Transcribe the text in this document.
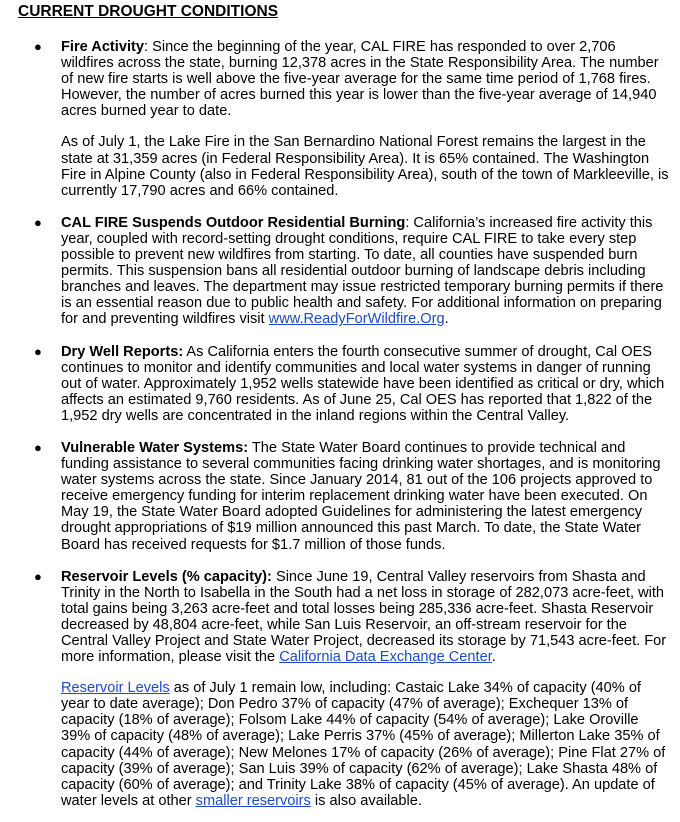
CURRENT DROUGHT CONDITIONS
● Fire Activity: Since the beginning of the year, CAL FIRE has responded to over 2,706 wildfires across the state, burning 12,378 acres in the State Responsibility Area. The number of new fire starts is well above the five-year average for the same time period of 1,768 fires. However, the number of acres burned this year is lower than the five-year average of 14,940 acres burned year to date.

As of July 1, the Lake Fire in the San Bernardino National Forest remains the largest in the state at 31,359 acres (in Federal Responsibility Area). It is 65% contained. The Washington Fire in Alpine County (also in Federal Responsibility Area), south of the town of Markleeville, is currently 17,790 acres and 66% contained.

● CAL FIRE Suspends Outdoor Residential Burning: California’s increased fire activity this year, coupled with record-setting drought conditions, require CAL FIRE to take every step possible to prevent new wildfires from starting. To date, all counties have suspended burn permits. This suspension bans all residential outdoor burning of landscape debris including branches and leaves. The department may issue restricted temporary burning permits if there is an essential reason due to public health and safety. For additional information on preparing for and preventing wildfires visit www.ReadyForWildfire.Org.

● Dry Well Reports: As California enters the fourth consecutive summer of drought, Cal OES continues to monitor and identify communities and local water systems in danger of running out of water. Approximately 1,952 wells statewide have been identified as critical or dry, which affects an estimated 9,760 residents. As of June 25, Cal OES has reported that 1,822 of the 1,952 dry wells are concentrated in the inland regions within the Central Valley.

● Vulnerable Water Systems: The State Water Board continues to provide technical and funding assistance to several communities facing drinking water shortages, and is monitoring water systems across the state. Since January 2014, 81 out of the 106 projects approved to receive emergency funding for interim replacement drinking water have been executed. On May 19, the State Water Board adopted Guidelines for administering the latest emergency drought appropriations of $19 million announced this past March. To date, the State Water Board has received requests for $1.7 million of those funds.

● Reservoir Levels (% capacity): Since June 19, Central Valley reservoirs from Shasta and Trinity in the North to Isabella in the South had a net loss in storage of 282,073 acre-feet, with total gains being 3,263 acre-feet and total losses being 285,336 acre-feet. Shasta Reservoir decreased by 48,804 acre-feet, while San Luis Reservoir, an off-stream reservoir for the Central Valley Project and State Water Project, decreased its storage by 71,543 acre-feet. For more information, please visit the California Data Exchange Center.

Reservoir Levels as of July 1 remain low, including: Castaic Lake 34% of capacity (40% of year to date average); Don Pedro 37% of capacity (47% of average); Exchequer 13% of capacity (18% of average); Folsom Lake 44% of capacity (54% of average); Lake Oroville 39% of capacity (48% of average); Lake Perris 37% (45% of average); Millerton Lake 35% of capacity (44% of average); New Melones 17% of capacity (26% of average); Pine Flat 27% of capacity (39% of average); San Luis 39% of capacity (62% of average); Lake Shasta 48% of capacity (60% of average); and Trinity Lake 38% of capacity (45% of average). An update of water levels at other smaller reservoirs is also available.
